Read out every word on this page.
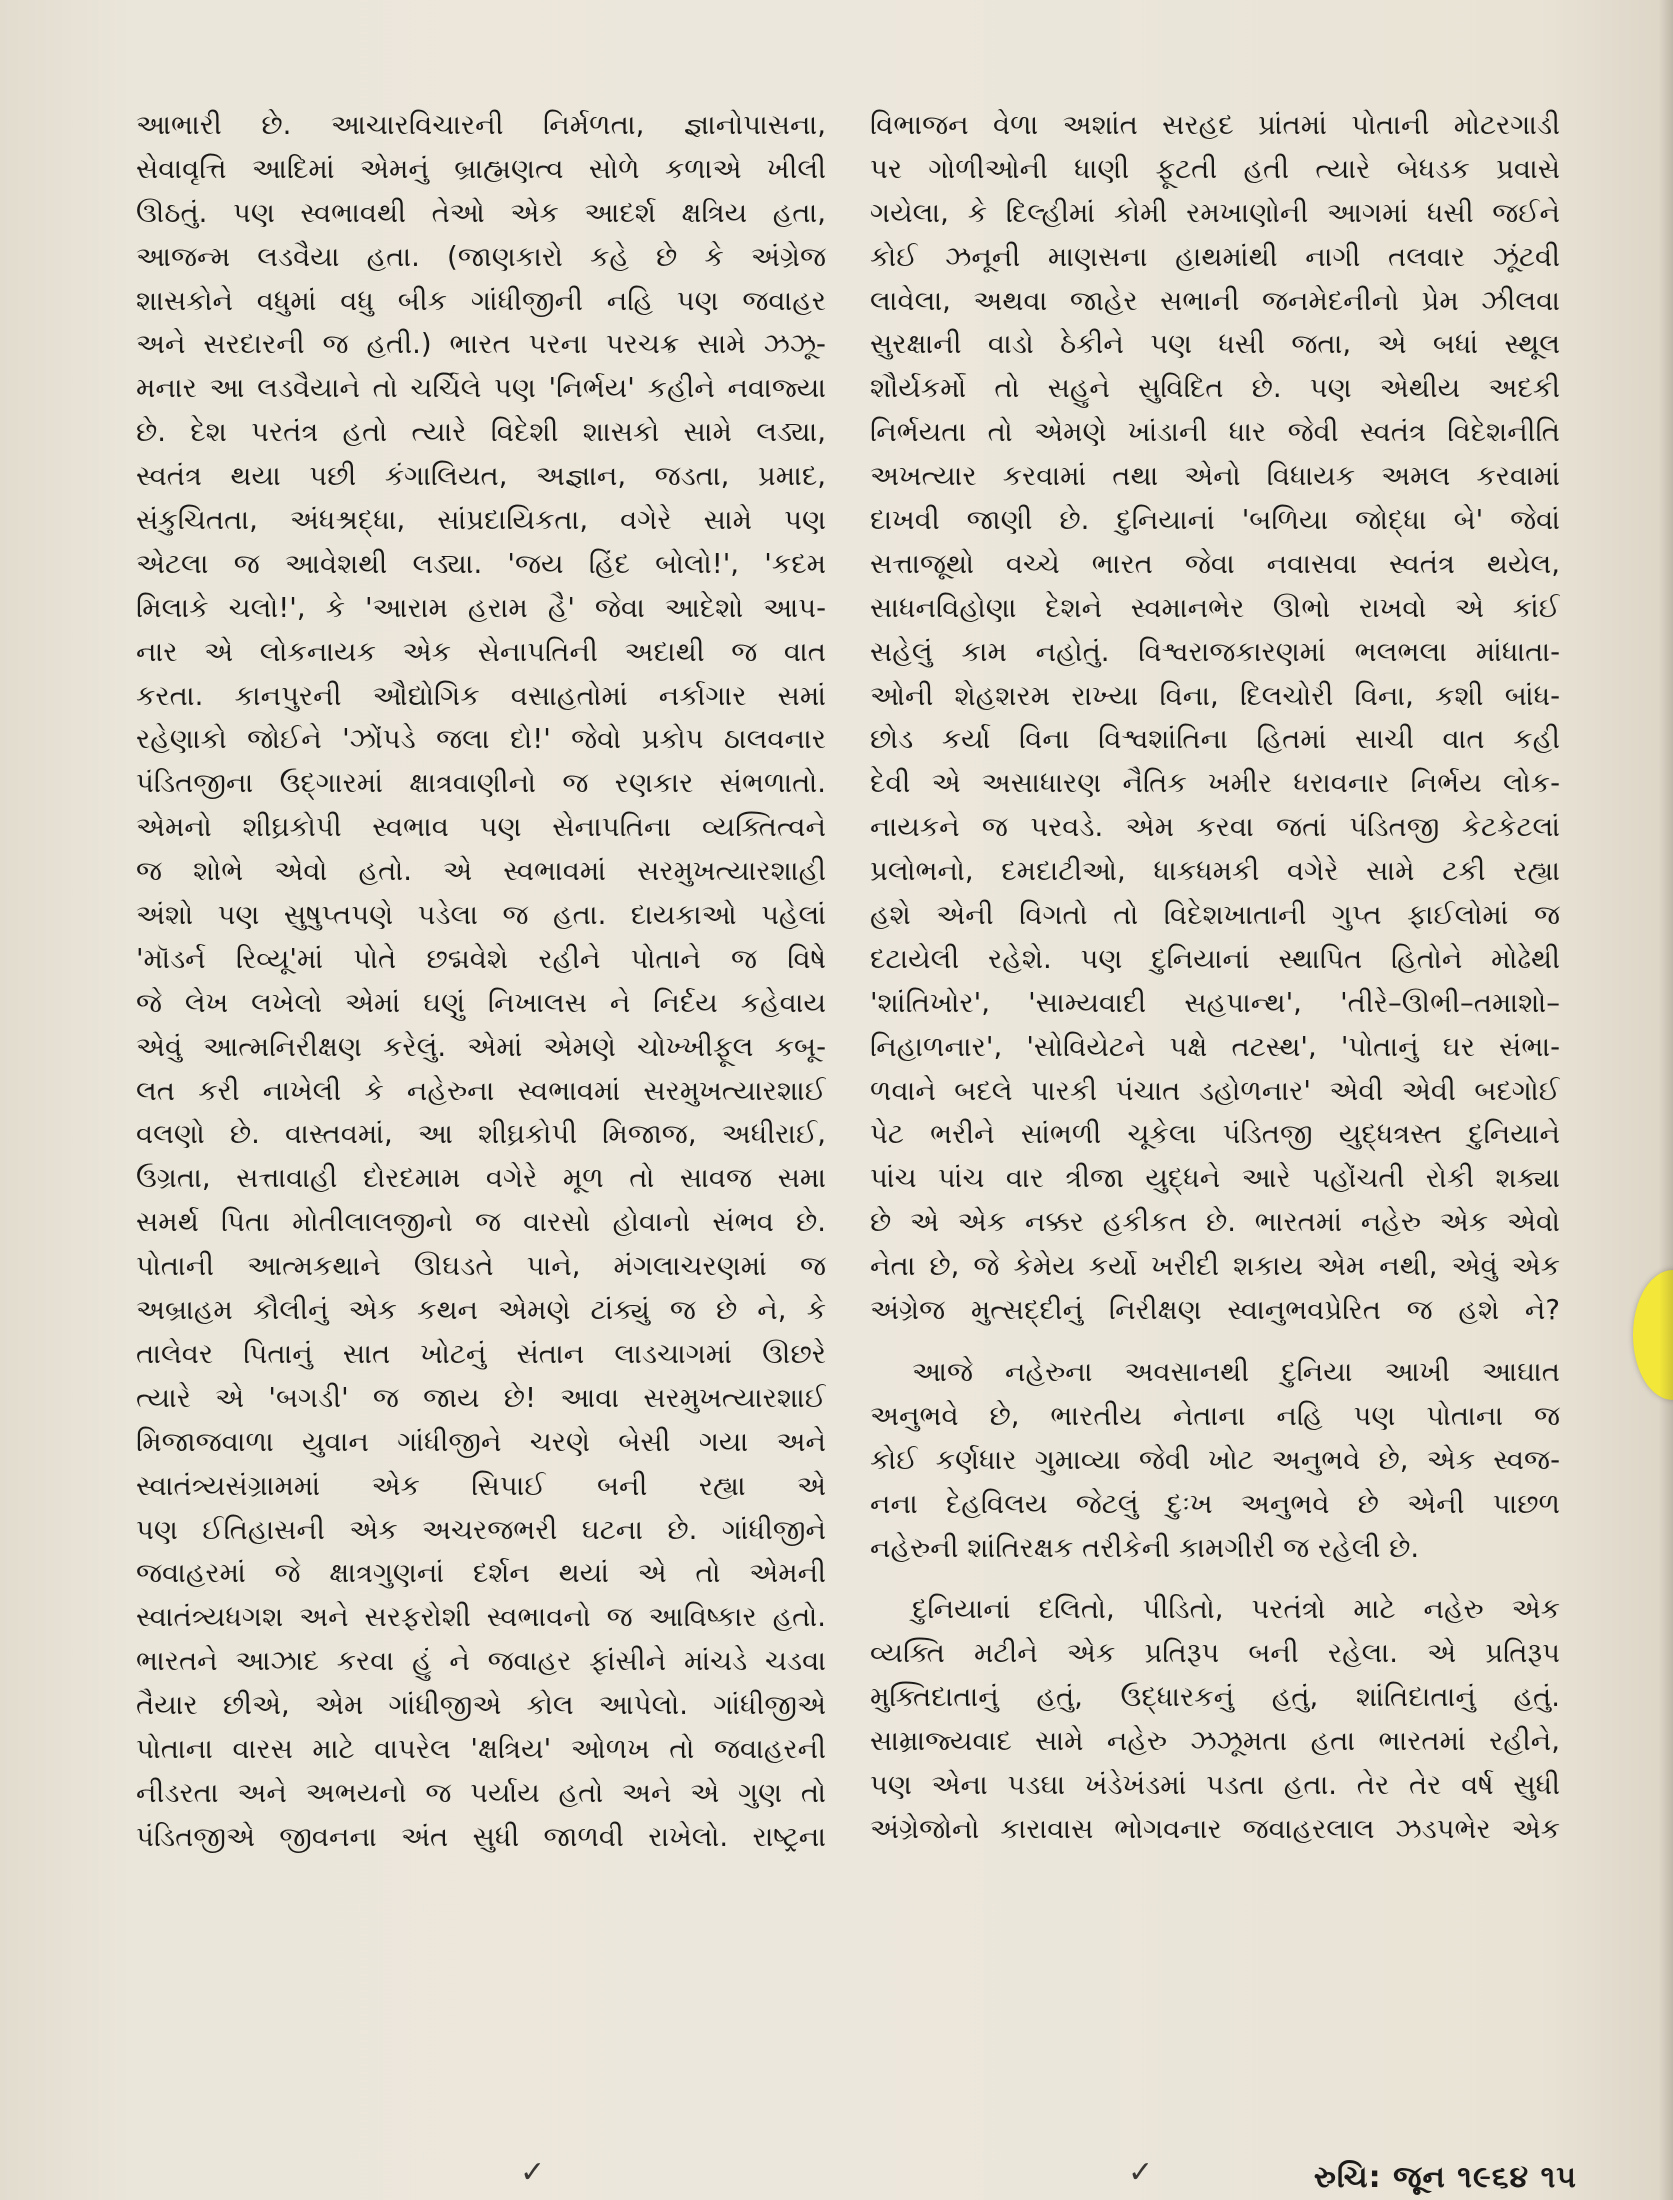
આભારી છે. આચારવિચારની નિર્મળતા, જ્ઞાનોપાસના,
સેવાવૃત્તિ આદિમાં એમનું બ્રાહ્મણત્વ સોળે કળાએ ખીલી
ઊઠતું. પણ સ્વભાવથી તેઓ એક આદર્શ ક્ષત્રિય હતા,
આજન્મ લડવૈયા હતા. (જાણકારો કહે છે કે અંગ્રેજ
શાસકોને વધુમાં વધુ બીક ગાંધીજીની નહિ પણ જવાહર
અને સરદારની જ હતી.) ભારત પરના પરચક્ર સામે ઝઝૂ-
મનાર આ લડવૈયાને તો ચર્ચિલે પણ 'નિર્ભય' કહીને નવાજ્યા
છે. દેશ પરતંત્ર હતો ત્યારે વિદેશી શાસકો સામે લડ્યા,
સ્વતંત્ર થયા પછી કંગાલિયત, અજ્ઞાન, જડતા, પ્રમાદ,
સંકુચિતતા, અંધશ્રદ્ધા, સાંપ્રદાયિકતા, વગેરે સામે પણ
એટલા જ આવેશથી લડ્યા. 'જય હિંદ બોલો!', 'કદમ
મિલાકે ચલો!', કે 'આરામ હરામ હૈ' જેવા આદેશો આપ-
નાર એ લોકનાયક એક સેનાપતિની અદાથી જ વાત
કરતા. કાનપુરની ઔદ્યોગિક વસાહતોમાં નર્કાગાર સમાં
રહેણાકો જોઈને 'ઝોંપડે જલા દો!' જેવો પ્રકોપ ઠાલવનાર
પંડિતજીના ઉદ્ગારમાં ક્ષાત્રવાણીનો જ રણકાર સંભળાતો.
એમનો શીઘ્રકોપી સ્વભાવ પણ સેનાપતિના વ્યક્તિત્વને
જ શોભે એવો હતો. એ સ્વભાવમાં સરમુખત્યારશાહી
અંશો પણ સુષુપ્તપણે પડેલા જ હતા. દાયકાઓ પહેલાં
'મૉડર્ન રિવ્યૂ'માં પોતે છદ્મવેશે રહીને પોતાને જ વિષે
જે લેખ લખેલો એમાં ઘણું નિખાલસ ને નિર્દય કહેવાય
એવું આત્મનિરીક્ષણ કરેલું. એમાં એમણે ચોખ્ખીફૂલ કબૂ-
લત કરી નાખેલી કે નહેરુના સ્વભાવમાં સરમુખત્યારશાઈ
વલણો છે. વાસ્તવમાં, આ શીઘ્રકોપી મિજાજ, અધીરાઈ,
ઉગ્રતા, સત્તાવાહી દોરદમામ વગેરે મૂળ તો સાવજ સમા
સમર્થ પિતા મોતીલાલજીનો જ વારસો હોવાનો સંભવ છે.
પોતાની આત્મકથાને ઊઘડતે પાને, મંગલાચરણમાં જ
અબ્રાહમ કૌલીનું એક કથન એમણે ટાંક્યું જ છે ને, કે
તાલેવર પિતાનું સાત ખોટનું સંતાન લાડચાગમાં ઊછરે
ત્યારે એ 'બગડી' જ જાય છે! આવા સરમુખત્યારશાઈ
મિજાજવાળા યુવાન ગાંધીજીને ચરણે બેસી ગયા અને
સ્વાતંત્ર્યસંગ્રામમાં એક સિપાઈ બની રહ્યા એ
પણ ઈતિહાસની એક અચરજભરી ઘટના છે. ગાંધીજીને
જવાહરમાં જે ક્ષાત્રગુણનાં દર્શન થયાં એ તો એમની
સ્વાતંત્ર્યધગશ અને સરફરોશી સ્વભાવનો જ આવિષ્કાર હતો.
ભારતને આઝાદ કરવા હું ને જવાહર ફાંસીને માંચડે ચડવા
તૈયાર છીએ, એમ ગાંધીજીએ કોલ આપેલો. ગાંધીજીએ
પોતાના વારસ માટે વાપરેલ 'ક્ષત્રિય' ઓળખ તો જવાહરની
નીડરતા અને અભયનો જ પર્યાય હતો અને એ ગુણ તો
પંડિતજીએ જીવનના અંત સુધી જાળવી રાખેલો. રાષ્ટ્રના
વિભાજન વેળા અશાંત સરહદ પ્રાંતમાં પોતાની મોટરગાડી
પર ગોળીઓની ધાણી ફૂટતી હતી ત્યારે બેધડક પ્રવાસે
ગયેલા, કે દિલ્હીમાં કોમી રમખાણોની આગમાં ધસી જઈને
કોઈ ઝનૂની માણસના હાથમાંથી નાગી તલવાર ઝૂંટવી
લાવેલા, અથવા જાહેર સભાની જનમેદનીનો પ્રેમ ઝીલવા
સુરક્ષાની વાડો ઠેકીને પણ ધસી જતા, એ બધાં સ્થૂલ
શૌર્યકર્મો તો સહુને સુવિદિત છે. પણ એથીય અદકી
નિર્ભયતા તો એમણે ખાંડાની ધાર જેવી સ્વતંત્ર વિદેશનીતિ
અખત્યાર કરવામાં તથા એનો વિધાયક અમલ કરવામાં
દાખવી જાણી છે. દુનિયાનાં 'બળિયા જોદ્ધા બે' જેવાં
સત્તાજૂથો વચ્ચે ભારત જેવા નવાસવા સ્વતંત્ર થયેલ,
સાધનવિહોણા દેશને સ્વમાનભેર ઊભો રાખવો એ કાંઈ
સહેલું કામ નહોતું. વિશ્વરાજકારણમાં ભલભલા માંધાતા-
ઓની શેહશરમ રાખ્યા વિના, દિલચોરી વિના, કશી બાંધ-
છોડ કર્યા વિના વિશ્વશાંતિના હિતમાં સાચી વાત કહી
દેવી એ અસાધારણ નૈતિક ખમીર ધરાવનાર નિર્ભય લોક-
નાયકને જ પરવડે. એમ કરવા જતાં પંડિતજી કેટકેટલાં
પ્રલોભનો, દમદાટીઓ, ધાકધમકી વગેરે સામે ટકી રહ્યા
હશે એની વિગતો તો વિદેશખાતાની ગુપ્ત ફાઈલોમાં જ
દટાયેલી રહેશે. પણ દુનિયાનાં સ્થાપિત હિતોને મોઢેથી
'શાંતિખોર', 'સામ્યવાદી સહપાન્થ', 'તીરે–ઊભી–તમાશો–
નિહાળનાર', 'સોવિયેટને પક્ષે તટસ્થ', 'પોતાનું ઘર સંભા-
ળવાને બદલે પારકી પંચાત ડહોળનાર' એવી એવી બદગોઈ
પેટ ભરીને સાંભળી ચૂકેલા પંડિતજી યુદ્ધત્રસ્ત દુનિયાને
પાંચ પાંચ વાર ત્રીજા યુદ્ધને આરે પહોંચતી રોકી શક્યા
છે એ એક નક્કર હકીકત છે. ભારતમાં નહેરુ એક એવો
નેતા છે, જે કેમેય કર્યો ખરીદી શકાય એમ નથી, એવું એક
અંગ્રેજ મુત્સદ્દીનું નિરીક્ષણ સ્વાનુભવપ્રેરિત જ હશે ને?
આજે નહેરુના અવસાનથી દુનિયા આખી આઘાત
અનુભવે છે, ભારતીય નેતાના નહિ પણ પોતાના જ
કોઈ કર્ણધાર ગુમાવ્યા જેવી ખોટ અનુભવે છે, એક સ્વજ-
નના દેહવિલય જેટલું દુઃખ અનુભવે છે એની પાછળ
નહેરુની શાંતિરક્ષક તરીકેની કામગીરી જ રહેલી છે.
દુનિયાનાં દલિતો, પીડિતો, પરતંત્રો માટે નહેરુ એક
વ્યક્તિ મટીને એક પ્રતિરૂપ બની રહેલા. એ પ્રતિરૂપ
મુક્તિદાતાનું હતું, ઉદ્ધારકનું હતું, શાંતિદાતાનું હતું.
સામ્રાજ્યવાદ સામે નહેરુ ઝઝૂમતા હતા ભારતમાં રહીને,
પણ એના પડઘા ખંડેખંડમાં પડતા હતા. તેર તેર વર્ષ સુધી
અંગ્રેજોનો કારાવાસ ભોગવનાર જવાહરલાલ ઝડપભેર એક
✓	✓	રુચિ: જૂન ૧૯૬૪ ૧૫
